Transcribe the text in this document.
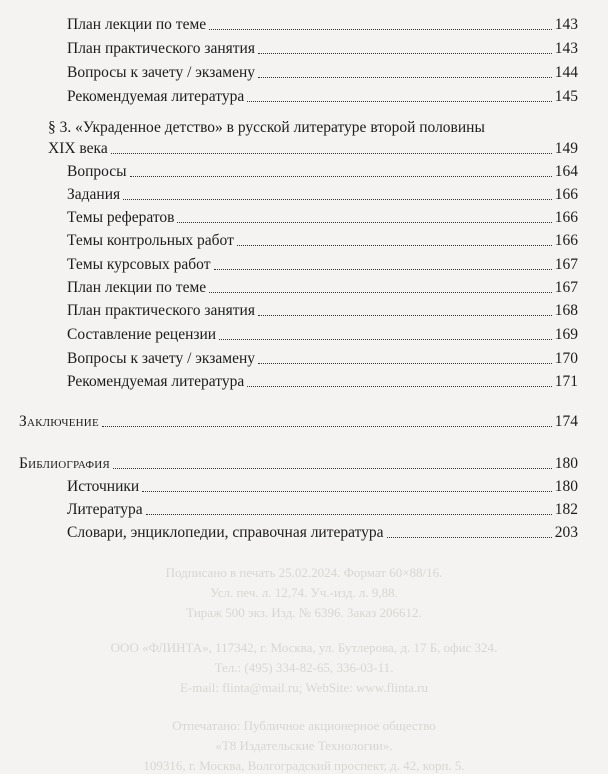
Подписано в печать 25.02.2024. Формат 60×88/16.
Усл. печ. л. 12,74. Уч.-изд. л. 9,88.
Тираж 500 экз. Изд. № 6396. Заказ 206612.
ООО «ФЛИНТА», 117342, г. Москва, ул. Бутлерова, д. 17 Б, офис 324.
Тел.: (495) 334-82-65, 336-03-11.
E-mail: flinta@mail.ru; WebSite: www.flinta.ru
Отпечатано: Публичное акционерное общество
«Т8 Издательские Технологии».
109316, г. Москва, Волгоградский проспект, д. 42, корп. 5.
План лекции по теме	143
План практического занятия	143
Вопросы к зачету / экзамену	144
Рекомендуемая литература	145
§ 3. «Украденное детство» в русской литературе второй половины
XIX века	149
Вопросы	164
Задания	166
Темы рефератов	166
Темы контрольных работ	166
Темы курсовых работ	167
План лекции по теме	167
План практического занятия	168
Составление рецензии	169
Вопросы к зачету / экзамену	170
Рекомендуемая литература	171
Заключение	174
Библиография	180
Источники	180
Литература	182
Словари, энциклопедии, справочная литература	203
